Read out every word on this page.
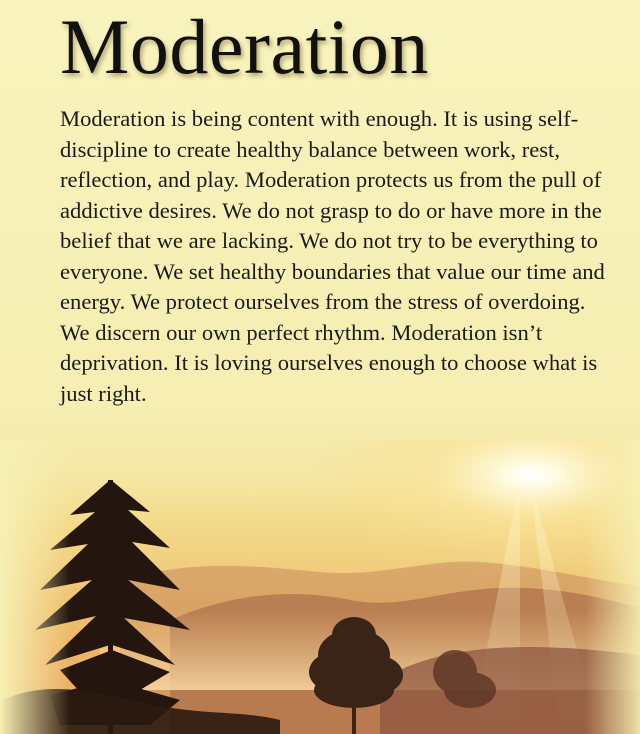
Moderation

Moderation is being content with enough. It is using self-discipline to create healthy balance between work, rest, reflection, and play. Moderation protects us from the pull of addictive desires. We do not grasp to do or have more in the belief that we are lacking. We do not try to be everything to everyone. We set healthy boundaries that value our time and energy. We protect ourselves from the stress of overdoing. We discern our own perfect rhythm. Moderation isn’t deprivation. It is loving ourselves enough to choose what is just right.
